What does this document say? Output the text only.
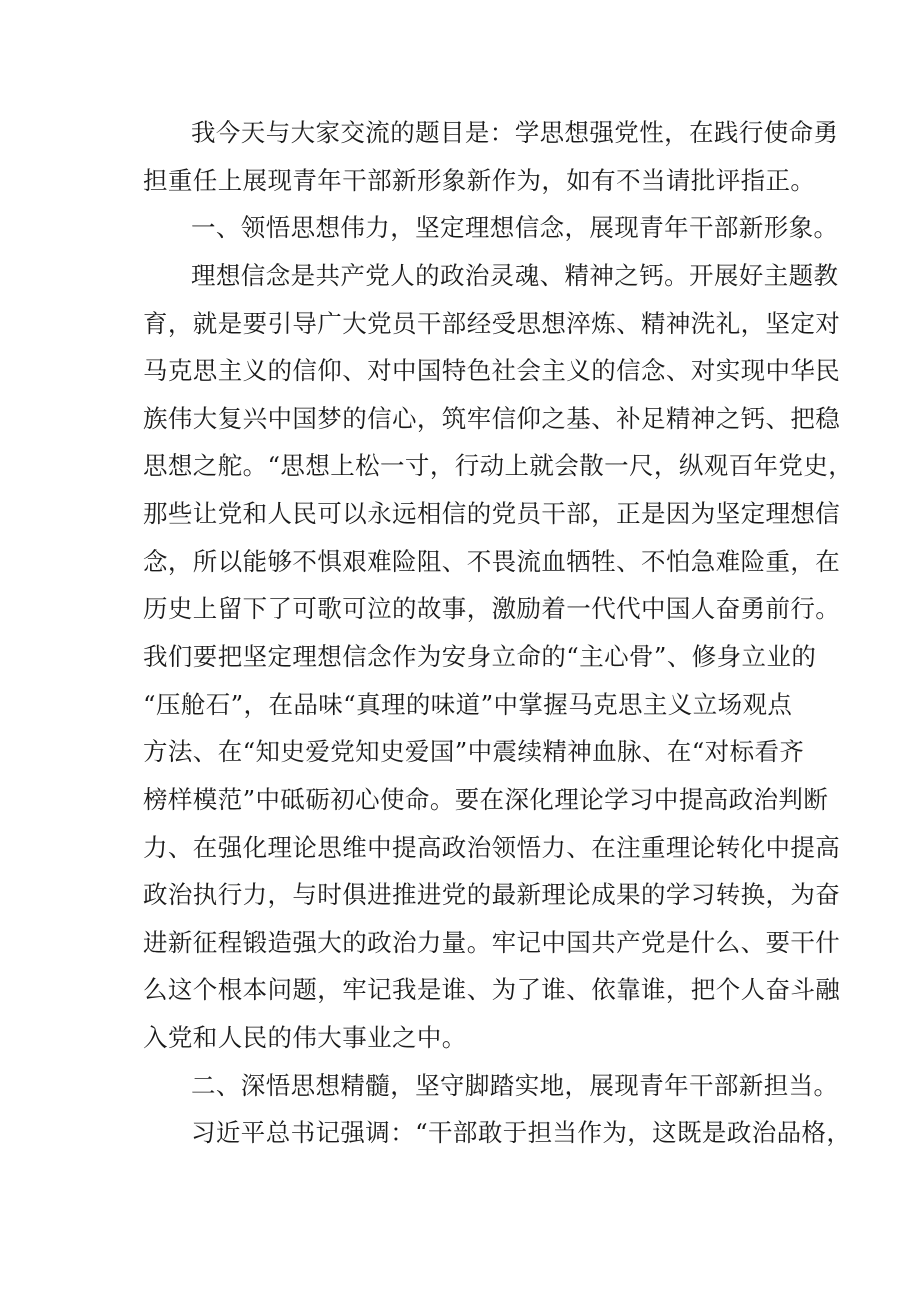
我今天与大家交流的题目是：学思想强党性，在践行使命勇
担重任上展现青年干部新形象新作为，如有不当请批评指正。
一、领悟思想伟力，坚定理想信念，展现青年干部新形象。
理想信念是共产党人的政治灵魂、精神之钙。开展好主题教
育，就是要引导广大党员干部经受思想淬炼、精神洗礼，坚定对
马克思主义的信仰、对中国特色社会主义的信念、对实现中华民
族伟大复兴中国梦的信心，筑牢信仰之基、补足精神之钙、把稳
思想之舵。“思想上松一寸，行动上就会散一尺，纵观百年党史，
那些让党和人民可以永远相信的党员干部，正是因为坚定理想信
念，所以能够不惧艰难险阻、不畏流血牺牲、不怕急难险重，在
历史上留下了可歌可泣的故事，激励着一代代中国人奋勇前行。
我们要把坚定理想信念作为安身立命的“主心骨”、修身立业的
“压舱石”，在品味“真理的味道”中掌握马克思主义立场观点
方法、在“知史爱党知史爱国”中震续精神血脉、在“对标看齐
榜样模范”中砥砺初心使命。要在深化理论学习中提高政治判断
力、在强化理论思维中提高政治领悟力、在注重理论转化中提高
政治执行力，与时俱进推进党的最新理论成果的学习转换，为奋
进新征程锻造强大的政治力量。牢记中国共产党是什么、要干什
么这个根本问题，牢记我是谁、为了谁、依靠谁，把个人奋斗融
入党和人民的伟大事业之中。
二、深悟思想精髓，坚守脚踏实地，展现青年干部新担当。
习近平总书记强调：“干部敢于担当作为，这既是政治品格，
